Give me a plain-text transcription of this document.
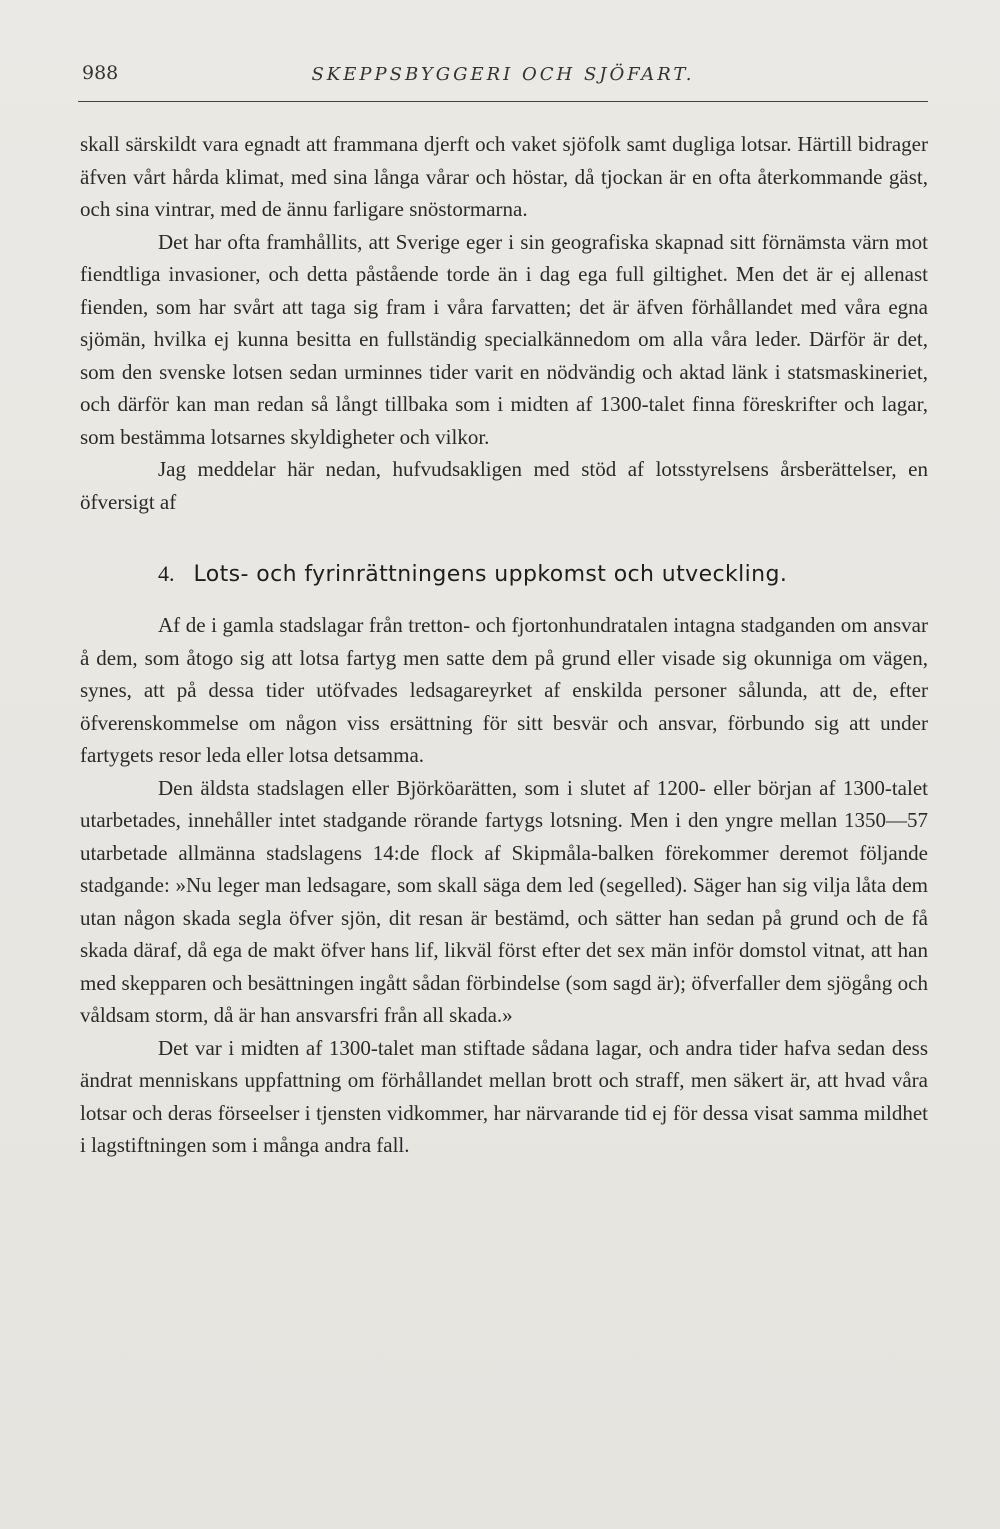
988	SKEPPSBYGGERI OCH SJÖFART.

skall särskildt vara egnadt att frammana djerft och vaket sjöfolk samt dugliga lotsar. Härtill bidrager äfven vårt hårda klimat, med sina långa vårar och höstar, då tjockan är en ofta återkommande gäst, och sina vintrar, med de ännu farligare snöstormarna.

Det har ofta framhållits, att Sverige eger i sin geografiska skapnad sitt förnämsta värn mot fiendtliga invasioner, och detta påstående torde än i dag ega full giltighet. Men det är ej allenast fienden, som har svårt att taga sig fram i våra farvatten; det är äfven förhållandet med våra egna sjömän, hvilka ej kunna besitta en fullständig specialkännedom om alla våra leder. Därför är det, som den svenske lotsen sedan urminnes tider varit en nödvändig och aktad länk i statsmaskineriet, och därför kan man redan så långt tillbaka som i midten af 1300-talet finna föreskrifter och lagar, som bestämma lotsarnes skyldigheter och vilkor.

Jag meddelar här nedan, hufvudsakligen med stöd af lotsstyrelsens årsberättelser, en öfversigt af

4. Lots- och fyrinrättningens uppkomst och utveckling.

Af de i gamla stadslagar från tretton- och fjortonhundratalen intagna stadganden om ansvar å dem, som åtogo sig att lotsa fartyg men satte dem på grund eller visade sig okunniga om vägen, synes, att på dessa tider utöfvades ledsagareyrket af enskilda personer sålunda, att de, efter öfverenskommelse om någon viss ersättning för sitt besvär och ansvar, förbundo sig att under fartygets resor leda eller lotsa detsamma.

Den äldsta stadslagen eller Björköarätten, som i slutet af 1200- eller början af 1300-talet utarbetades, innehåller intet stadgande rörande fartygs lotsning. Men i den yngre mellan 1350—57 utarbetade allmänna stadslagens 14:de flock af Skipmåla-balken förekommer deremot följande stadgande: »Nu leger man ledsagare, som skall säga dem led (segelled). Säger han sig vilja låta dem utan någon skada segla öfver sjön, dit resan är bestämd, och sätter han sedan på grund och de få skada däraf, då ega de makt öfver hans lif, likväl först efter det sex män inför domstol vitnat, att han med skepparen och besättningen ingått sådan förbindelse (som sagd är); öfverfaller dem sjögång och våldsam storm, då är han ansvarsfri från all skada.»

Det var i midten af 1300-talet man stiftade sådana lagar, och andra tider hafva sedan dess ändrat menniskans uppfattning om förhållandet mellan brott och straff, men säkert är, att hvad våra lotsar och deras förseelser i tjensten vidkommer, har närvarande tid ej för dessa visat samma mildhet i lagstiftningen som i många andra fall.
